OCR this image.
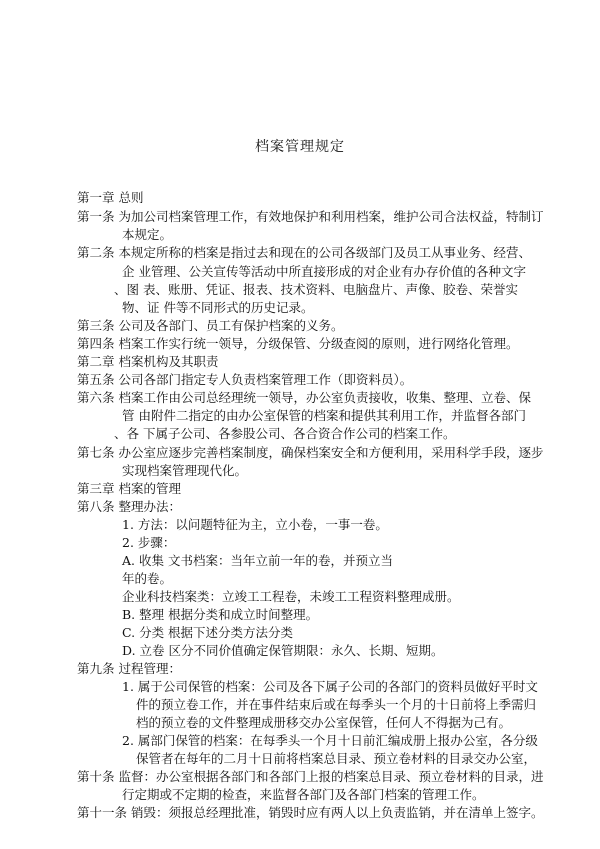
档案管理规定
第一章 总则
第一条 为加公司档案管理工作，有效地保护和利用档案，维护公司合法权益，特制订
本规定。
第二条 本规定所称的档案是指过去和现在的公司各级部门及员工从事业务、经营、
企 业管理、公关宣传等活动中所直接形成的对企业有办存价值的各种文字
、图 表、账册、凭证、报表、技术资料、电脑盘片、声像、胶卷、荣誉实
物、证 件等不同形式的历史记录。
第三条 公司及各部门、员工有保护档案的义务。
第四条 档案工作实行统一领导，分级保管、分级查阅的原则，进行网络化管理。
第二章 档案机构及其职责
第五条 公司各部门指定专人负责档案管理工作（即资料员）。
第六条 档案工作由公司总经理统一领导，办公室负责接收，收集、整理、立卷、保
管 由附件二指定的由办公室保管的档案和提供其利用工作，并监督各部门
、各 下属子公司、各参股公司、各合资合作公司的档案工作。
第七条 办公室应逐步完善档案制度，确保档案安全和方便利用，采用科学手段，逐步
实现档案管理现代化。
第三章 档案的管理
第八条 整理办法：
1. 方法：以问题特征为主，立小卷，一事一卷。
2. 步骤：
A. 收集 文书档案：当年立前一年的卷，并预立当
年的卷。
企业科技档案类：立竣工工程卷，未竣工工程资料整理成册。
B. 整理 根据分类和成立时间整理。
C. 分类 根据下述分类方法分类
D. 立卷 区分不同价值确定保管期限：永久、长期、短期。
第九条 过程管理：
1. 属于公司保管的档案：公司及各下属子公司的各部门的资料员做好平时文
件的预立卷工作，并在事件结束后或在每季头一个月的十日前将上季需归
档的预立卷的文件整理成册移交办公室保管，任何人不得据为己有。
2. 属部门保管的档案：在每季头一个月十日前汇编成册上报办公室，各分级
保管者在每年的二月十日前将档案总目录、预立卷材料的目录交办公室，
第十条 监督：办公室根据各部门和各部门上报的档案总目录、预立卷材料的目录，进
行定期或不定期的检查，来监督各部门及各部门档案的管理工作。
第十一条 销毁：须报总经理批准，销毁时应有两人以上负责监销，并在清单上签字。
